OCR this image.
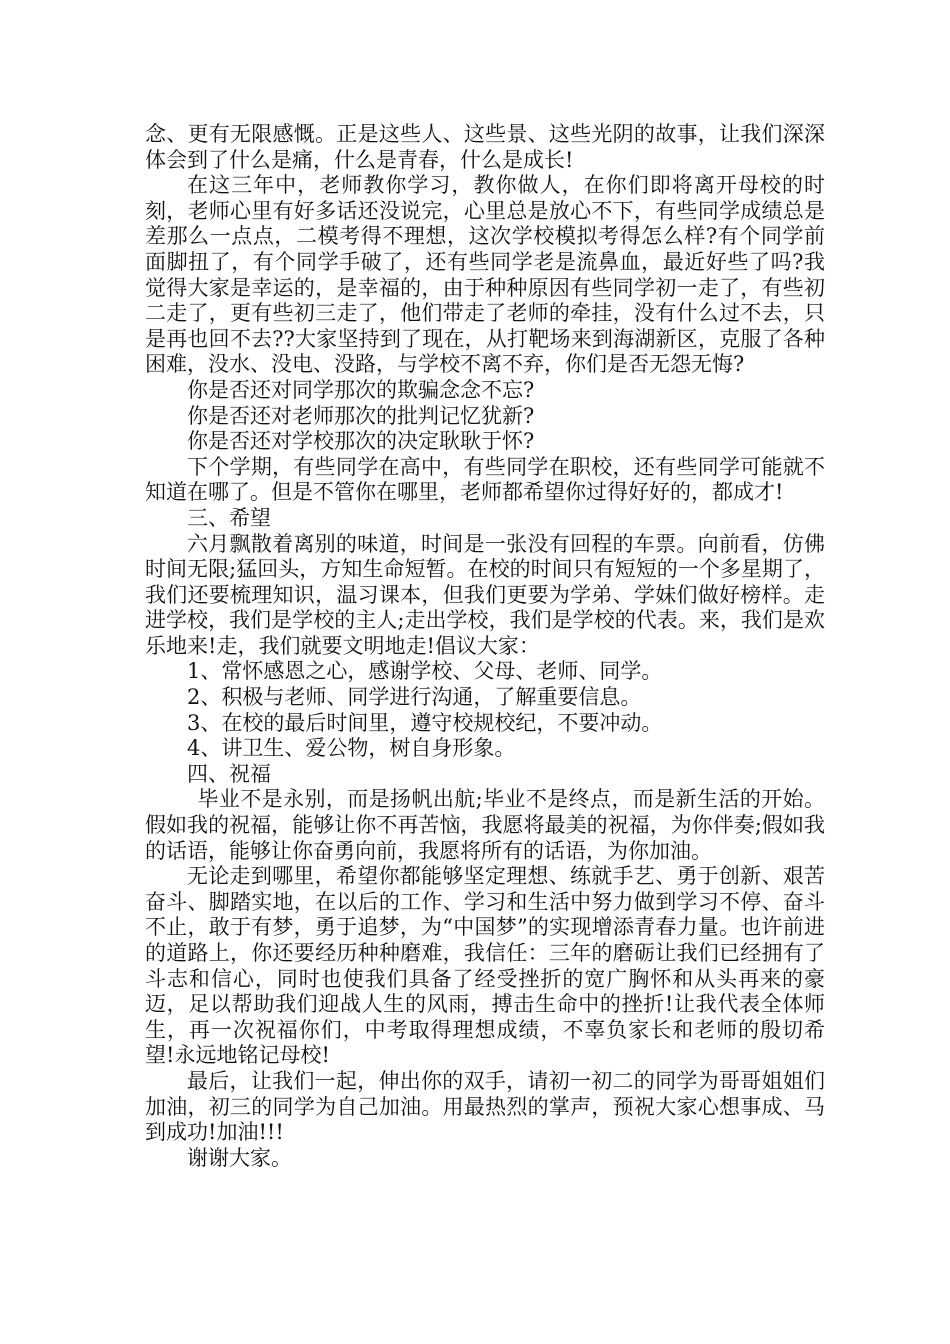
念、更有无限感慨。正是这些人、这些景、这些光阴的故事，让我们深深体会到了什么是痛，什么是青春，什么是成长!

在这三年中，老师教你学习，教你做人，在你们即将离开母校的时刻，老师心里有好多话还没说完，心里总是放心不下，有些同学成绩总是差那么一点点，二模考得不理想，这次学校模拟考得怎么样?有个同学前面脚扭了，有个同学手破了，还有些同学老是流鼻血，最近好些了吗?我觉得大家是幸运的，是幸福的，由于种种原因有些同学初一走了，有些初二走了，更有些初三走了，他们带走了老师的牵挂，没有什么过不去，只是再也回不去??大家坚持到了现在，从打靶场来到海湖新区，克服了各种困难，没水、没电、没路，与学校不离不弃，你们是否无怨无悔?

你是否还对同学那次的欺骗念念不忘?

你是否还对老师那次的批判记忆犹新?

你是否还对学校那次的决定耿耿于怀?

下个学期，有些同学在高中，有些同学在职校，还有些同学可能就不知道在哪了。但是不管你在哪里，老师都希望你过得好好的，都成才!

三、希望

六月飘散着离别的味道，时间是一张没有回程的车票。向前看，仿佛时间无限;猛回头，方知生命短暂。在校的时间只有短短的一个多星期了，我们还要梳理知识，温习课本，但我们更要为学弟、学妹们做好榜样。走进学校，我们是学校的主人;走出学校，我们是学校的代表。来，我们是欢乐地来!走，我们就要文明地走!倡议大家：

1、常怀感恩之心，感谢学校、父母、老师、同学。

2、积极与老师、同学进行沟通，了解重要信息。

3、在校的最后时间里，遵守校规校纪，不要冲动。

4、讲卫生、爱公物，树自身形象。

四、祝福

毕业不是永别，而是扬帆出航;毕业不是终点，而是新生活的开始。假如我的祝福，能够让你不再苦恼，我愿将最美的祝福，为你伴奏;假如我的话语，能够让你奋勇向前，我愿将所有的话语，为你加油。

无论走到哪里，希望你都能够坚定理想、练就手艺、勇于创新、艰苦奋斗、脚踏实地，在以后的工作、学习和生活中努力做到学习不停、奋斗不止，敢于有梦，勇于追梦，为“中国梦”的实现增添青春力量。也许前进的道路上，你还要经历种种磨难，我信任：三年的磨砺让我们已经拥有了斗志和信心，同时也使我们具备了经受挫折的宽广胸怀和从头再来的豪迈，足以帮助我们迎战人生的风雨，搏击生命中的挫折!让我代表全体师生，再一次祝福你们，中考取得理想成绩，不辜负家长和老师的殷切希望!永远地铭记母校!

最后，让我们一起，伸出你的双手，请初一初二的同学为哥哥姐姐们加油，初三的同学为自己加油。用最热烈的掌声，预祝大家心想事成、马到成功!加油!!!

谢谢大家。
